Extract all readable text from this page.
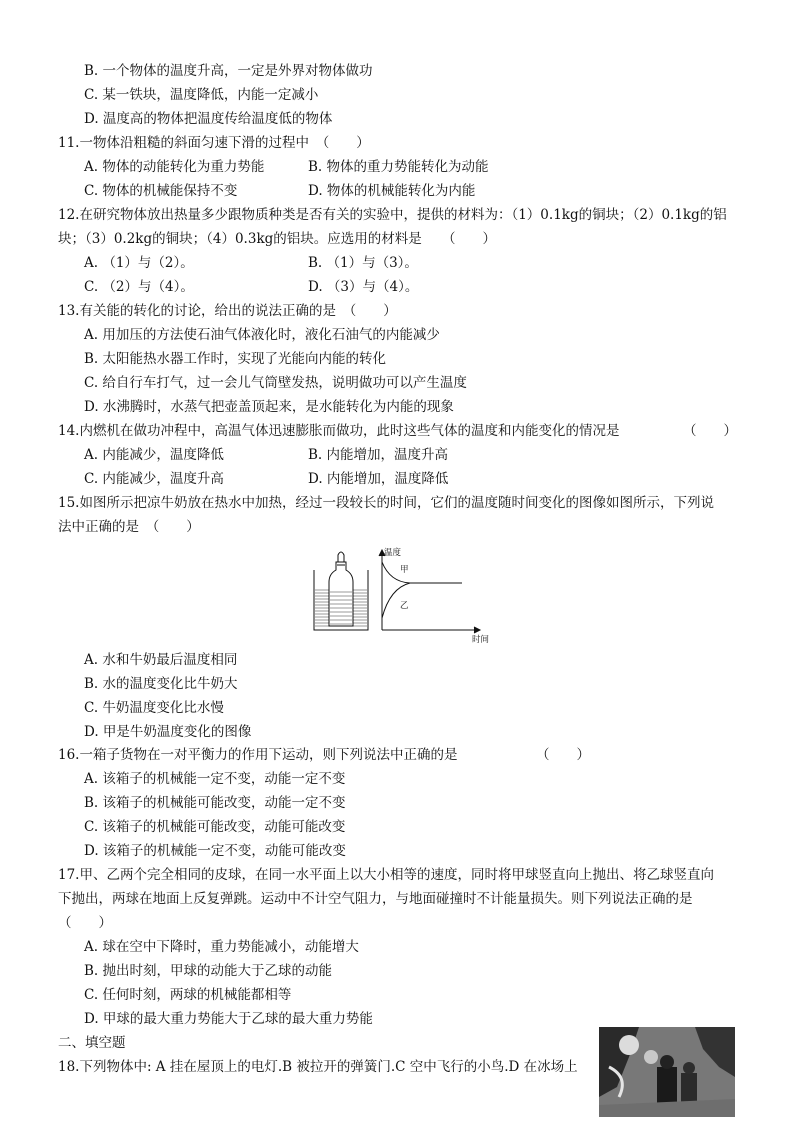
B. 一个物体的温度升高，一定是外界对物体做功
C. 某一铁块，温度降低，内能一定减小
D. 温度高的物体把温度传给温度低的物体
11.一物体沿粗糙的斜面匀速下滑的过程中　（　　）
A. 物体的动能转化为重力势能	B. 物体的重力势能转化为动能
C. 物体的机械能保持不变	D. 物体的机械能转化为内能
12.在研究物体放出热量多少跟物质种类是否有关的实验中，提供的材料为：（1）0.1kg的铜块；（2）0.1kg的铝
块；（3）0.2kg的铜块；（4）0.3kg的铝块。应选用的材料是　　（　　）
A. （1）与（2）。	B. （1）与（3）。
C. （2）与（4）。	D. （3）与（4）。
13.有关能的转化的讨论，给出的说法正确的是　（　　）
A. 用加压的方法使石油气体液化时，液化石油气的内能减少
B. 太阳能热水器工作时，实现了光能向内能的转化
C. 给自行车打气，过一会儿气筒壁发热，说明做功可以产生温度
D. 水沸腾时，水蒸气把壶盖顶起来，是水能转化为内能的现象
14.内燃机在做功冲程中，高温气体迅速膨胀而做功，此时这些气体的温度和内能变化的情况是	（　　）
A. 内能减少，温度降低	B. 内能增加，温度升高
C. 内能减少，温度升高	D. 内能增加，温度降低
15.如图所示把凉牛奶放在热水中加热，经过一段较长的时间，它们的温度随时间变化的图像如图所示，下列说
法中正确的是　（　　）
温度
甲
乙
时间
A. 水和牛奶最后温度相同
B. 水的温度变化比牛奶大
C. 牛奶温度变化比水慢
D. 甲是牛奶温度变化的图像
16.一箱子货物在一对平衡力的作用下运动，则下列说法中正确的是	（　　）
A. 该箱子的机械能一定不变，动能一定不变
B. 该箱子的机械能可能改变，动能一定不变
C. 该箱子的机械能可能改变，动能可能改变
D. 该箱子的机械能一定不变，动能可能改变
17.甲、乙两个完全相同的皮球，在同一水平面上以大小相等的速度，同时将甲球竖直向上抛出、将乙球竖直向
下抛出，两球在地面上反复弹跳。运动中不计空气阻力，与地面碰撞时不计能量损失。则下列说法正确的是
（　　）
A. 球在空中下降时，重力势能减小，动能增大
B. 抛出时刻，甲球的动能大于乙球的动能
C. 任何时刻，两球的机械能都相等
D. 甲球的最大重力势能大于乙球的最大重力势能
二、填空题
18.下列物体中: A 挂在屋顶上的电灯.B 被拉开的弹簧门.C 空中飞行的小鸟.D 在冰场上
